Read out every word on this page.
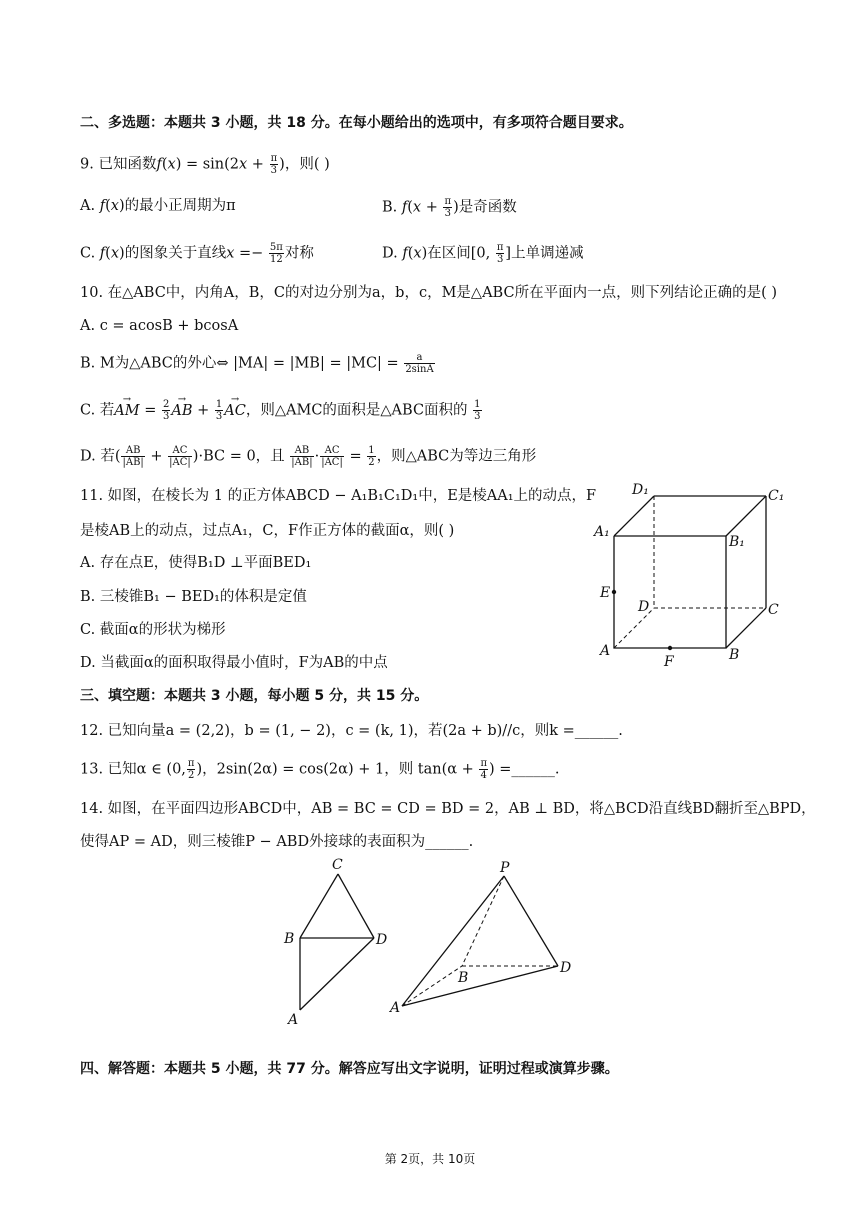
二、多选题：本题共 3 小题，共 18 分。在每小题给出的选项中，有多项符合题目要求。
9. 已知函数$f(x) = \sin(2x + \frac{\pi}{3}$ )，则( )
A. f(x)的最小正周期为π	B. $f(x + \frac{\pi}{3}$ )是奇函数
C. f(x)的图象关于直线$x =- \frac{5\pi}{12}$ 对称	D. f(x)在区间[0, $\frac{\pi}{3}$ ]上单调递减
10. 在△ABC中，内角A，B，C的对边分别为a，b，c，M是△ABC所在平面内一点，则下列结论正确的是( )
A. c = acosB + bcosA
B. M为△ABC的外心⇔ $|MA| = |MB| = |MC| = \frac{a}{2\sin A}$
C. 若→ AM = $\frac{2}{3}$ → AB + $\frac{1}{3}$ → AC，则△AMC的面积是△ABC面积的 $\frac{1}{3}$
D. 若( $\frac{AB}{|AB|} + \frac{AC}{|AC|} )\cdot BC = 0$，且 $\frac{AB}{|AB|} \cdot \frac{AC}{|AC|} = \frac{1}{2}$ ，则△ABC为等边三角形
11. 如图，在棱长为 1 的正方体ABCD − A₁B₁C₁D₁中，E是棱AA₁上的动点，F
是棱AB上的动点，过点A₁，C，F作正方体的截面α，则( )
A. 存在点E，使得B₁D ⊥平面BED₁
B. 三棱锥B₁ − BED₁的体积是定值
C. 截面α的形状为梯形
D. 当截面α的面积取得最小值时，F为AB的中点
D₁	C₁
A₁
B₁
E
D	C
A
F	B
三、填空题：本题共 3 小题，每小题 5 分，共 15 分。
12. 已知向量a = (2,2)，b = (1, − 2)，c = (k, 1)，若(2a + b)//c，则k =______.
13. 已知α ∈ (0, $\frac{\pi}{2}$ )，2sin(2α) = cos(2α) + 1，则 $\tan(\alpha + \frac{\pi}{4}$ ) =______.
14. 如图，在平面四边形ABCD中，AB = BC = CD = BD = 2，AB ⊥ BD，将△BCD沿直线BD翻折至△BPD，
使得AP = AD，则三棱锥P − ABD外接球的表面积为______.
C
B	D
A
P
B
D
A
四、解答题：本题共 5 小题，共 77 分。解答应写出文字说明，证明过程或演算步骤。
第 2页，共 10页
